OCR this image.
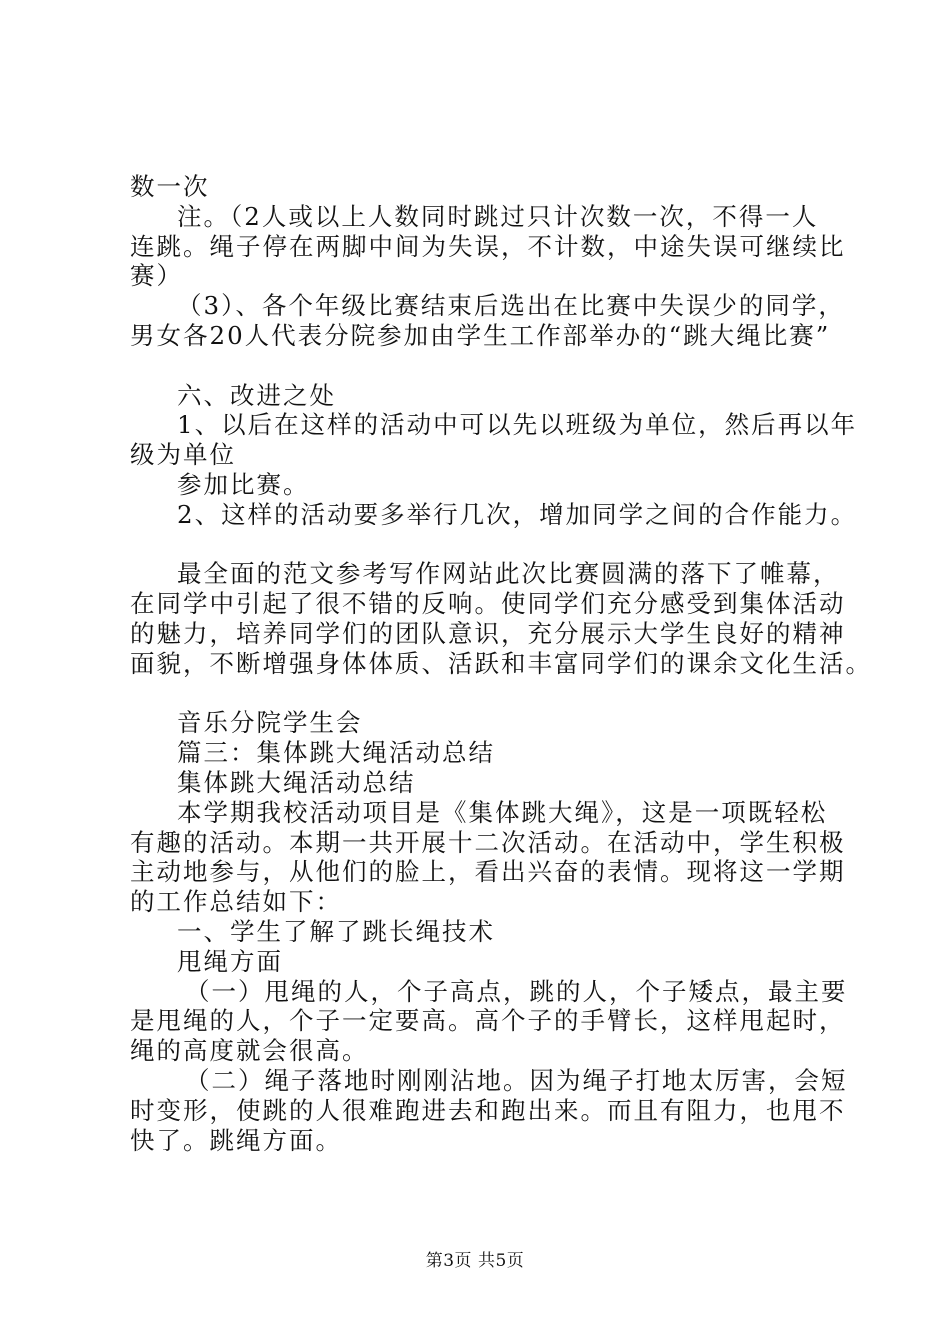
数一次

注。（2人或以上人数同时跳过只计次数一次，不得一人

连跳。绳子停在两脚中间为失误，不计数，中途失误可继续比

赛）

（3）、各个年级比赛结束后选出在比赛中失误少的同学，

男女各20人代表分院参加由学生工作部举办的“跳大绳比赛”

六、改进之处

1、以后在这样的活动中可以先以班级为单位，然后再以年

级为单位

参加比赛。

2、这样的活动要多举行几次，增加同学之间的合作能力。

最全面的范文参考写作网站此次比赛圆满的落下了帷幕，

在同学中引起了很不错的反响。使同学们充分感受到集体活动

的魅力，培养同学们的团队意识，充分展示大学生良好的精神

面貌，不断增强身体体质、活跃和丰富同学们的课余文化生活。

音乐分院学生会

篇三：集体跳大绳活动总结

集体跳大绳活动总结

本学期我校活动项目是《集体跳大绳》，这是一项既轻松

有趣的活动。本期一共开展十二次活动。在活动中，学生积极

主动地参与，从他们的脸上，看出兴奋的表情。现将这一学期

的工作总结如下：

一、学生了解了跳长绳技术

甩绳方面

（一）甩绳的人，个子高点，跳的人，个子矮点，最主要

是甩绳的人，个子一定要高。高个子的手臂长，这样甩起时，

绳的高度就会很高。

（二）绳子落地时刚刚沾地。因为绳子打地太厉害，会短

时变形，使跳的人很难跑进去和跑出来。而且有阻力，也甩不

快了。跳绳方面。

第3页 共5页
